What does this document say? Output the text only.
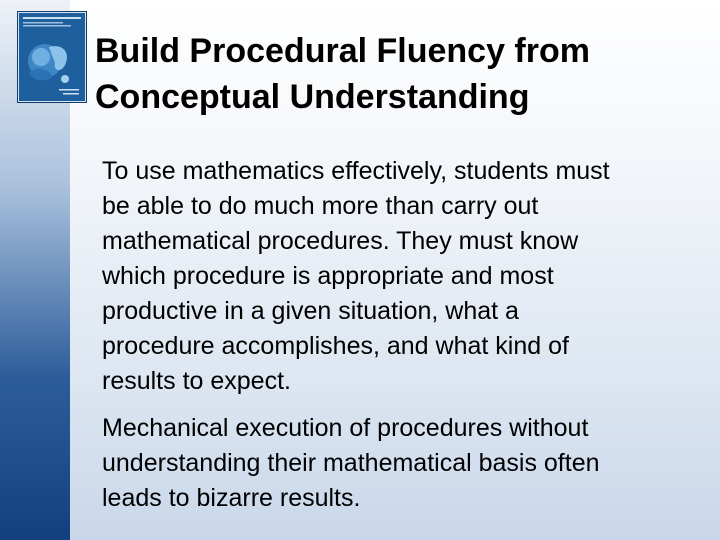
Build Procedural Fluency from
Conceptual Understanding

To use mathematics effectively, students must
be able to do much more than carry out
mathematical procedures. They must know
which procedure is appropriate and most
productive in a given situation, what a
procedure accomplishes, and what kind of
results to expect.

Mechanical execution of procedures without
understanding their mathematical basis often
leads to bizarre results.
